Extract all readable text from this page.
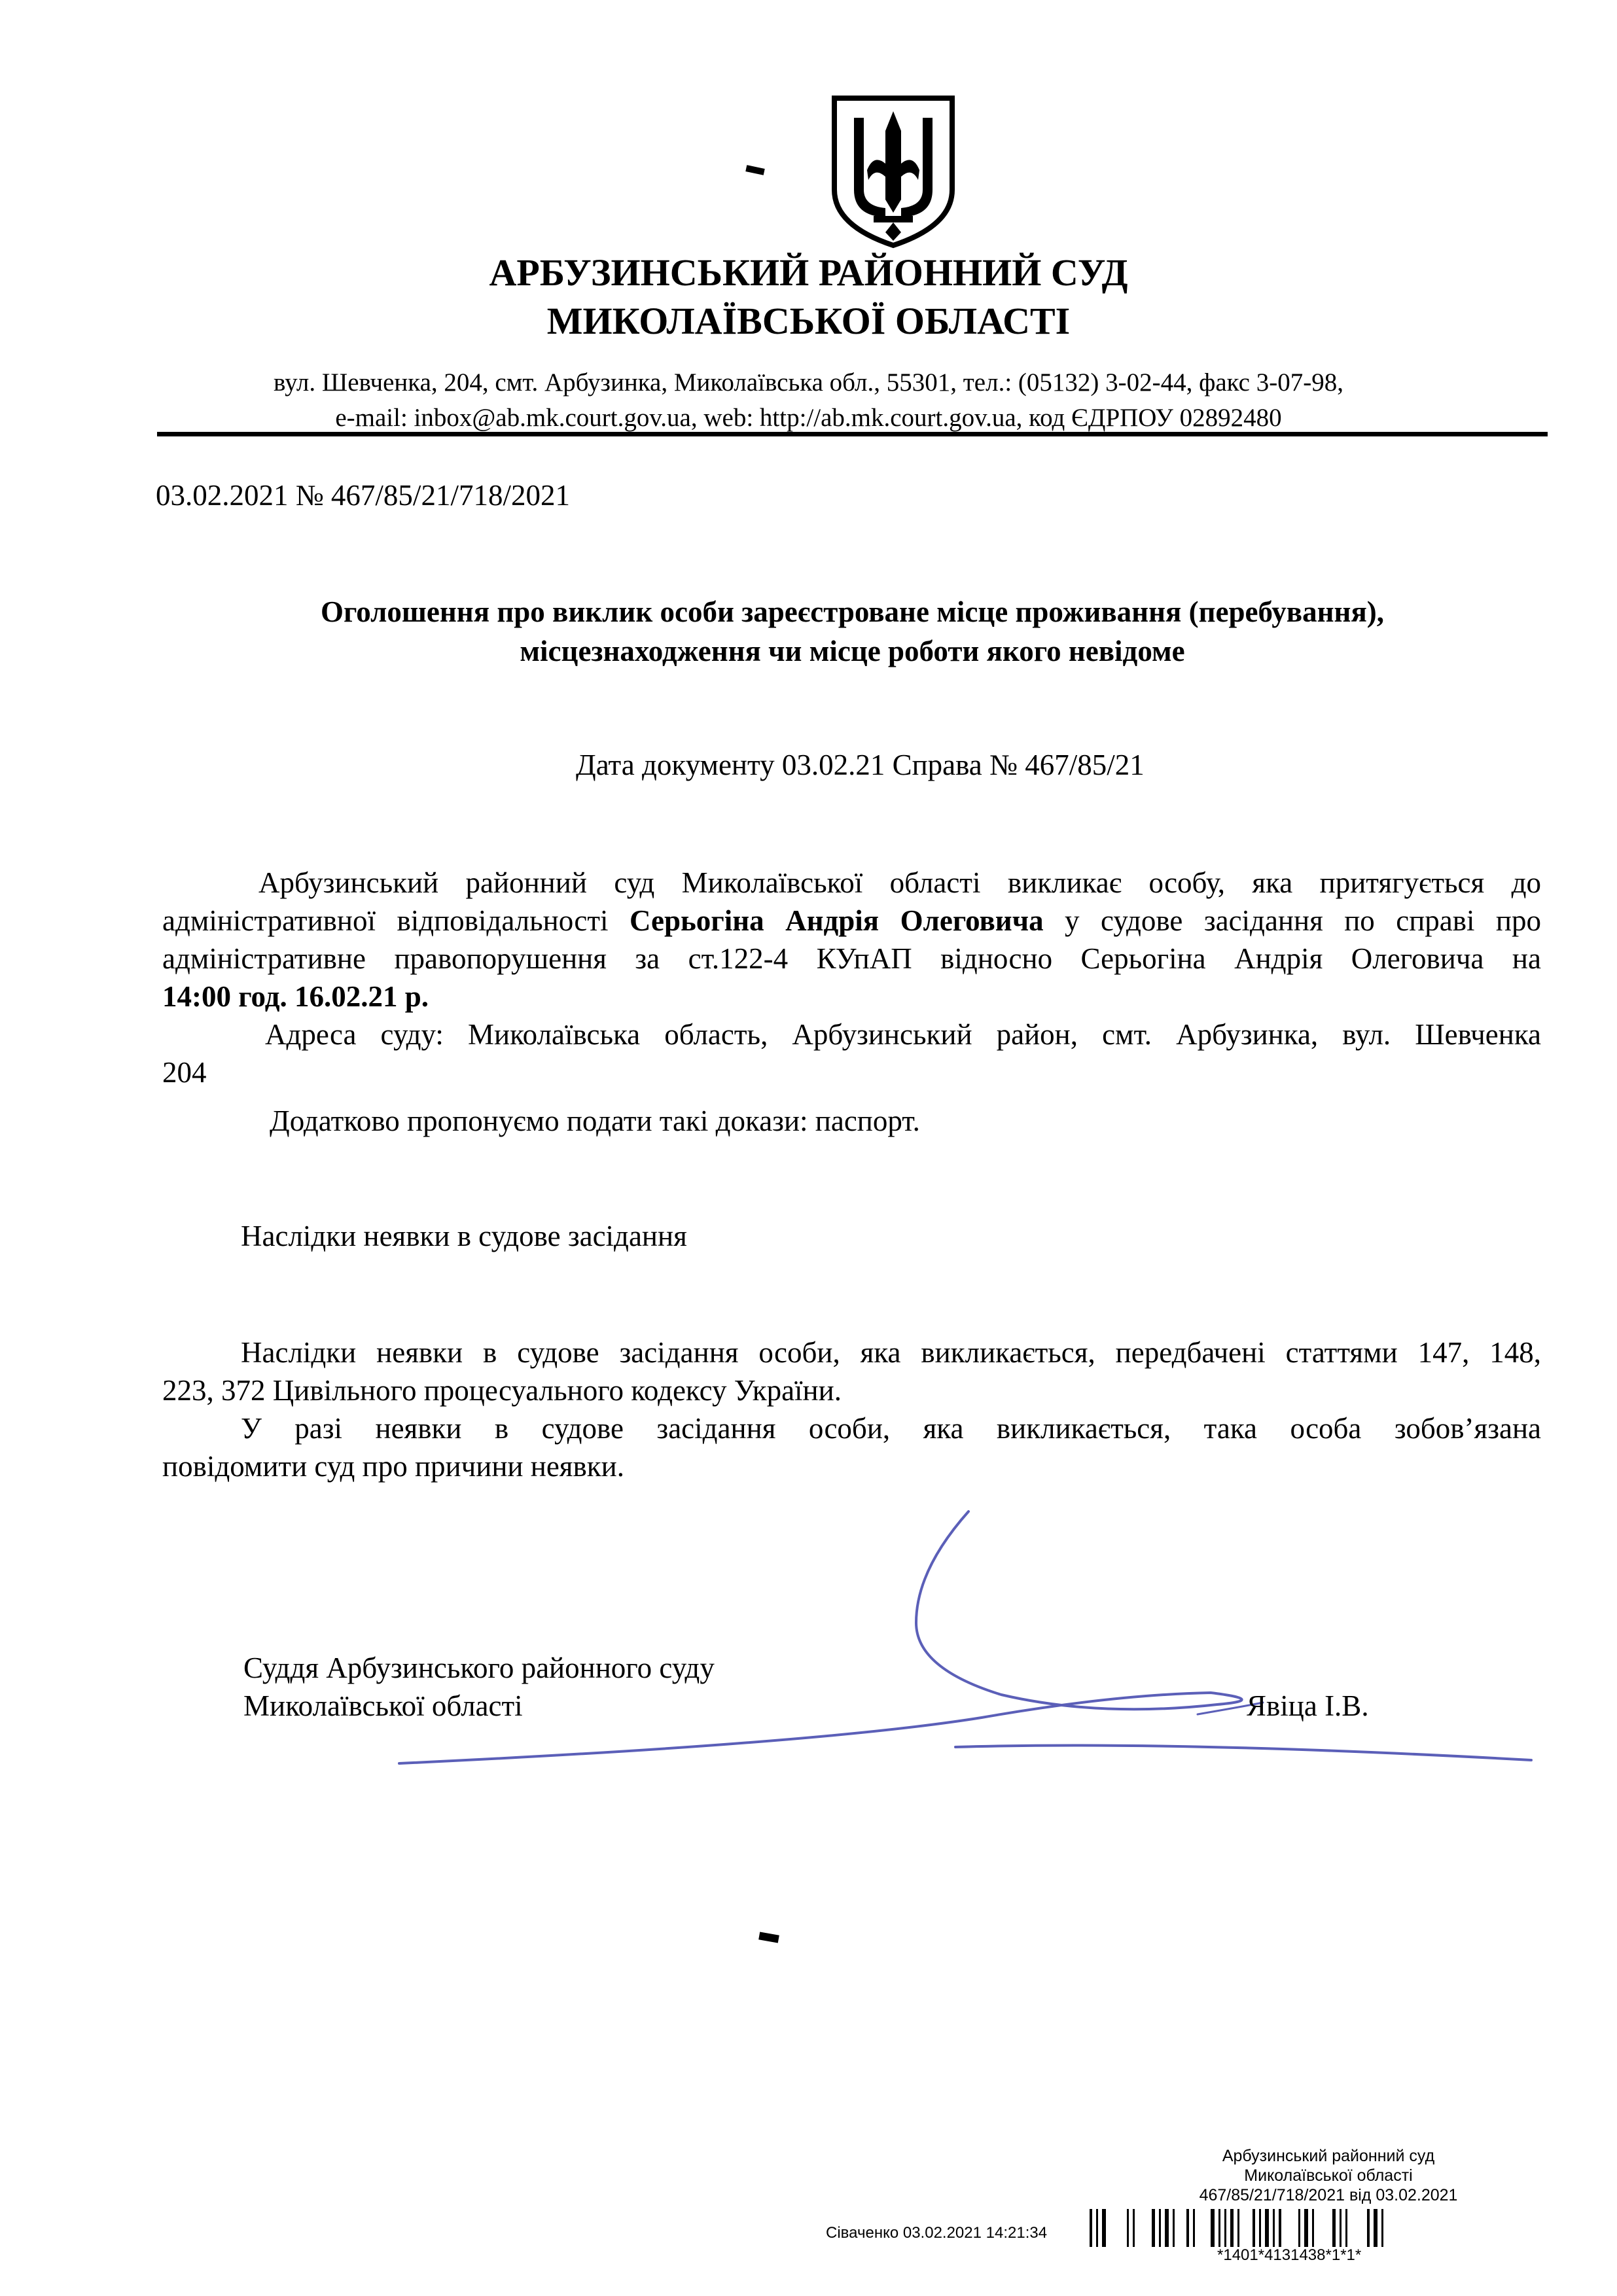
АРБУЗИНСЬКИЙ РАЙОННИЙ СУД

МИКОЛАЇВСЬКОЇ ОБЛАСТІ

вул. Шевченка, 204, смт. Арбузинка, Миколаївська обл., 55301, тел.: (05132) 3-02-44, факс 3-07-98,

e-mail: inbox@ab.mk.court.gov.ua, web: http://ab.mk.court.gov.ua, код ЄДРПОУ 02892480

03.02.2021 № 467/85/21/718/2021

Оголошення про виклик особи зареєстроване місце проживання (перебування),

місцезнаходження чи місце роботи якого невідоме

Дата документу 03.02.21 Справа № 467/85/21

Арбузинський районний суд Миколаївської області викликає особу, яка притягується до

адміністративної відповідальності Серьогіна Андрія Олеговича у судове засідання по справі про

адміністративне правопорушення за ст.122-4 КУпАП відносно Серьогіна Андрія Олеговича на

14:00 год. 16.02.21 р.

Адреса суду: Миколаївська область, Арбузинський район, смт. Арбузинка, вул. Шевченка

204

Додатково пропонуємо подати такі докази: паспорт.

Наслідки неявки в судове засідання

Наслідки неявки в судове засідання особи, яка викликається, передбачені статтями 147, 148,

223, 372 Цивільного процесуального кодексу України.

У разі неявки в судове засідання особи, яка викликається, така особа зобов’язана

повідомити суд про причини неявки.

Суддя Арбузинського районного суду

Миколаївської області	Явіца І.В.

Арбузинський районний суд

Миколаївської області

467/85/21/718/2021 від 03.02.2021

Сіваченко 03.02.2021 14:21:34

*1401*4131438*1*1*
